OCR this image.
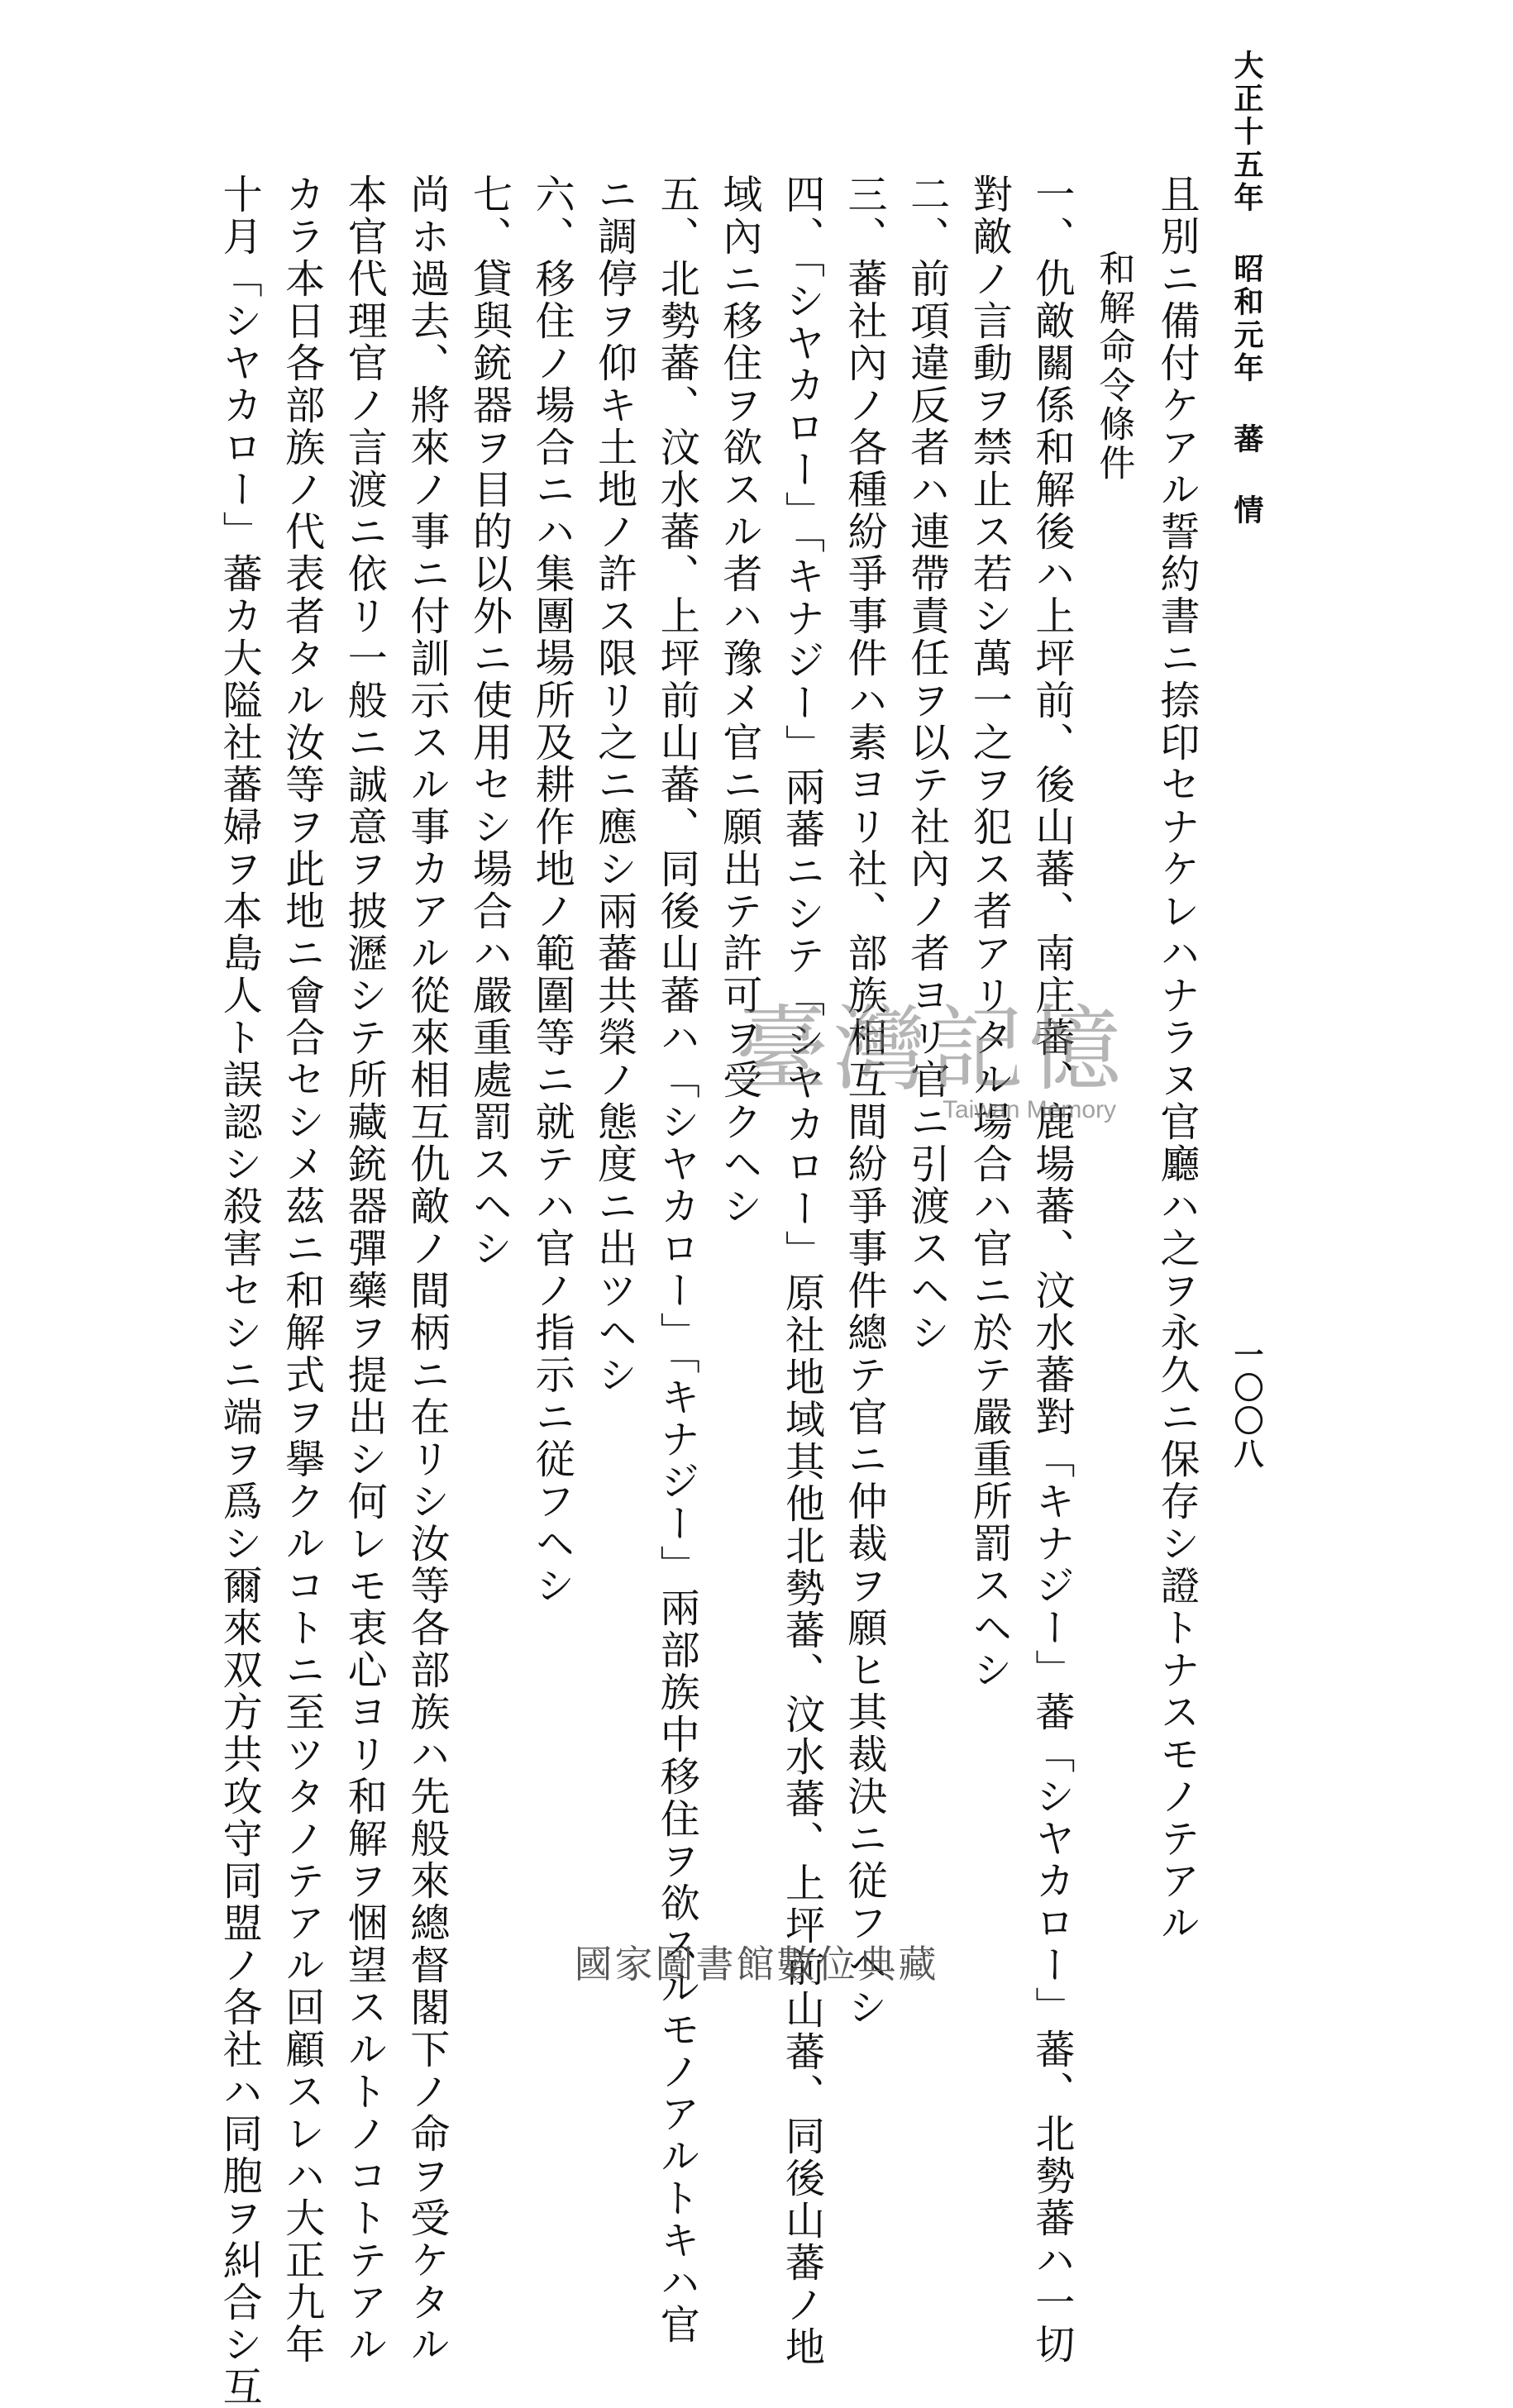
大正十五年 昭和元年 蕃 情
一〇〇八

且別ニ備付ケアル誓約書ニ捺印セナケレハナラヌ官廳ハ之ヲ永久ニ保存シ證トナスモノテアル

和解命令條件

一、仇敵關係和解後ハ上坪前、後山蕃、南庄蕃、鹿場蕃、汶水蕃對「キナジー」蕃「シヤカロー」蕃、北勢蕃ハ一切

對敵ノ言動ヲ禁止ス若シ萬一之ヲ犯ス者アリタル場合ハ官ニ於テ嚴重所罰スヘシ

二、前項違反者ハ連帶責任ヲ以テ社內ノ者ヨリ官ニ引渡スヘシ

三、蕃社內ノ各種紛爭事件ハ素ヨリ社、部族相互間紛爭事件總テ官ニ仲裁ヲ願ヒ其裁決ニ従フヘシ

四、「シヤカロー」「キナジー」兩蕃ニシテ「シヤカロー」原社地域其他北勢蕃、汶水蕃、上坪前山蕃、同後山蕃ノ地

域內ニ移住ヲ欲スル者ハ豫メ官ニ願出テ許可ヲ受クヘシ

五、北勢蕃、汶水蕃、上坪前山蕃、同後山蕃ハ「シヤカロー」「キナジー」兩部族中移住ヲ欲スルモノアルトキハ官

ニ調停ヲ仰キ土地ノ許ス限リ之ニ應シ兩蕃共榮ノ態度ニ出ツヘシ

六、移住ノ場合ニハ集團場所及耕作地ノ範圍等ニ就テハ官ノ指示ニ従フヘシ

七、貸與銃器ヲ目的以外ニ使用セシ場合ハ嚴重處罰スヘシ

尚ホ過去、將來ノ事ニ付訓示スル事カアル從來相互仇敵ノ間柄ニ在リシ汝等各部族ハ先般來總督閣下ノ命ヲ受ケタル

本官代理官ノ言渡ニ依リ一般ニ誠意ヲ披瀝シテ所藏銃器彈藥ヲ提出シ何レモ衷心ヨリ和解ヲ悃望スルトノコトテアル

カラ本日各部族ノ代表者タル汝等ヲ此地ニ會合セシメ茲ニ和解式ヲ擧クルコトニ至ツタノテアル回顧スレハ大正九年

十月「シヤカロー」蕃カ大隘社蕃婦ヲ本島人ト誤認シ殺害セシニ端ヲ爲シ爾來双方共攻守同盟ノ各社ハ同胞ヲ糾合シ互	臺灣記憶
Taiwan Memory
國家圖書館數位典藏
